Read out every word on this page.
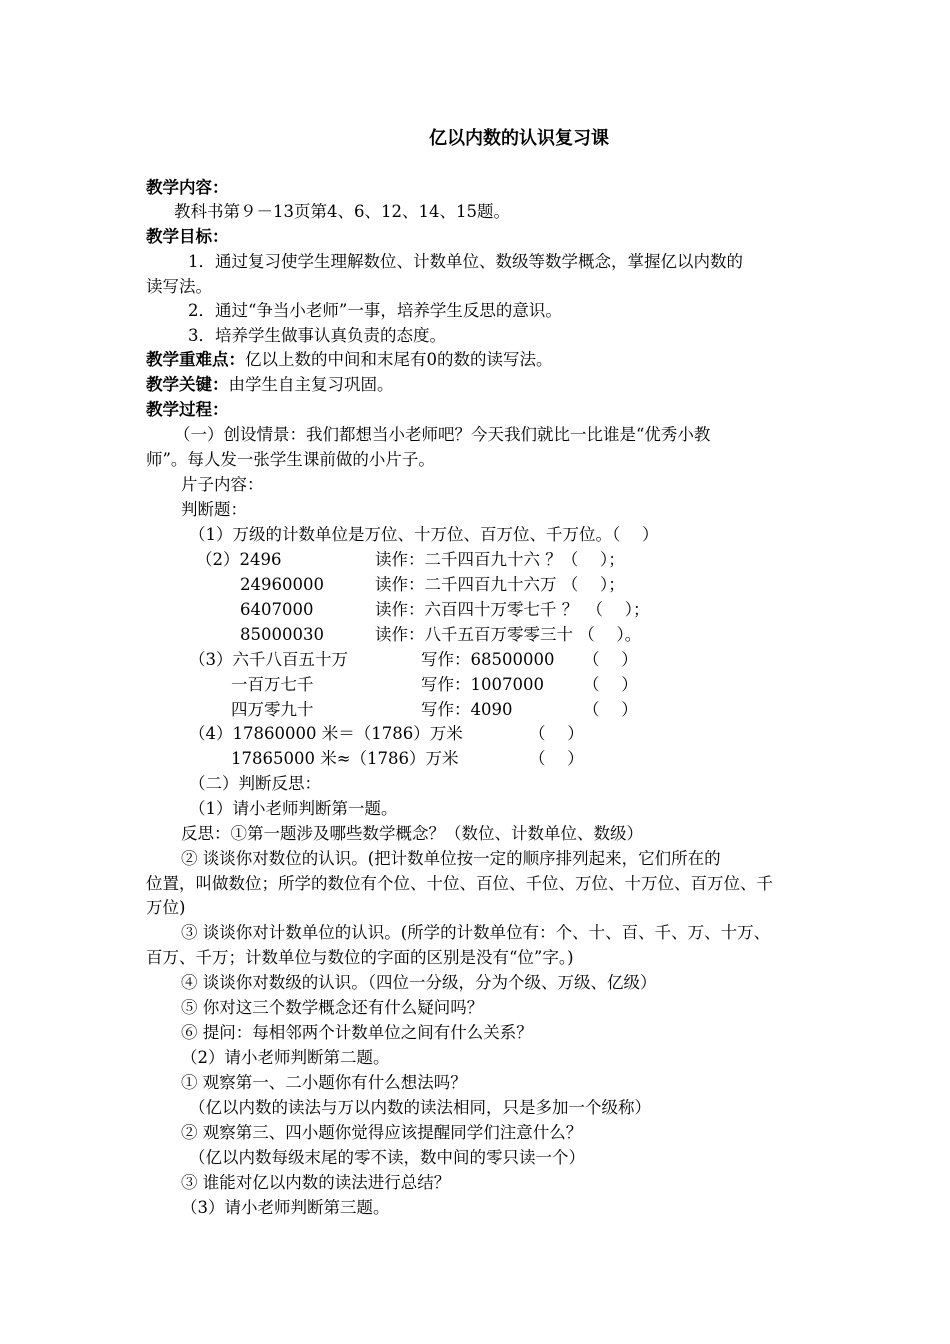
亿以内数的认识复习课
教学内容：
教科书第９－13页第4、6、12、14、15题。
教学目标：
1．通过复习使学生理解数位、计数单位、数级等数学概念，掌握亿以内数的
读写法。
2．通过“争当小老师”一事，培养学生反思的意识。
3．培养学生做事认真负责的态度。
教学重难点：亿以上数的中间和末尾有0的数的读写法。
教学关键：由学生自主复习巩固。
教学过程：
（一）创设情景：我们都想当小老师吧？今天我们就比一比谁是“优秀小教
师”。每人发一张学生课前做的小片子。
片子内容：
判断题：
（1）万级的计数单位是万位、十万位、百万位、千万位。（　 ）
（2）2496	读作：二千四百九十六 ？（　 ）；
24960000	读作：二千四百九十六万 （　 ）；
6407000	读作：六百四十万零七千 ？　（　 ）；
85000030	读作：八千五百万零零三十 （　 ）。
（3）六千八百五十万	写作：68500000 （　 ）
一百万七千	写作：1007000 （　 ）
四万零九十	写作：4090	（　 ）
（4）17860000 米＝（1786）万米	（　 ）
17865000 米≈（1786）万米	（　 ）
（二）判断反思：
（1）请小老师判断第一题。
反思：①第一题涉及哪些数学概念？（数位、计数单位、数级）
② 谈谈你对数位的认识。(把计数单位按一定的顺序排列起来，它们所在的
位置，叫做数位；所学的数位有个位、十位、百位、千位、万位、十万位、百万位、千
万位)
③ 谈谈你对计数单位的认识。(所学的计数单位有：个、十、百、千、万、十万、
百万、千万；计数单位与数位的字面的区别是没有“位”字。)
④ 谈谈你对数级的认识。（四位一分级，分为个级、万级、亿级）
⑤ 你对这三个数学概念还有什么疑问吗？
⑥ 提问：每相邻两个计数单位之间有什么关系？
（2）请小老师判断第二题。
① 观察第一、二小题你有什么想法吗？
（亿以内数的读法与万以内数的读法相同，只是多加一个级称）
② 观察第三、四小题你觉得应该提醒同学们注意什么？
（亿以内数每级末尾的零不读，数中间的零只读一个）
③ 谁能对亿以内数的读法进行总结？
（3）请小老师判断第三题。
